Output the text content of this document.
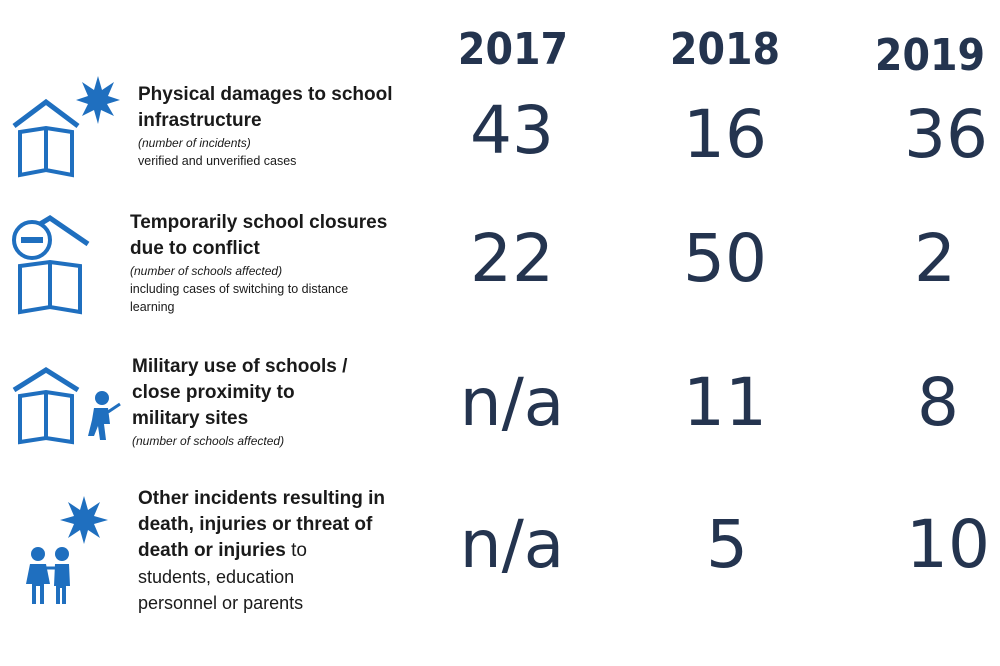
2017 2018 2019
Physical damages to school infrastructure
(number of incidents)
verified and unverified cases	43	16	36
Temporarily school closures due to conflict
(number of schools affected)
including cases of switching to distance learning
22	50	2
Military use of schools / close proximity to military sites
(number of schools affected)	n/a	11	8
Other incidents resulting in death, injuries or threat of death or injuries to
students, education personnel or parents
n/a	5	10
